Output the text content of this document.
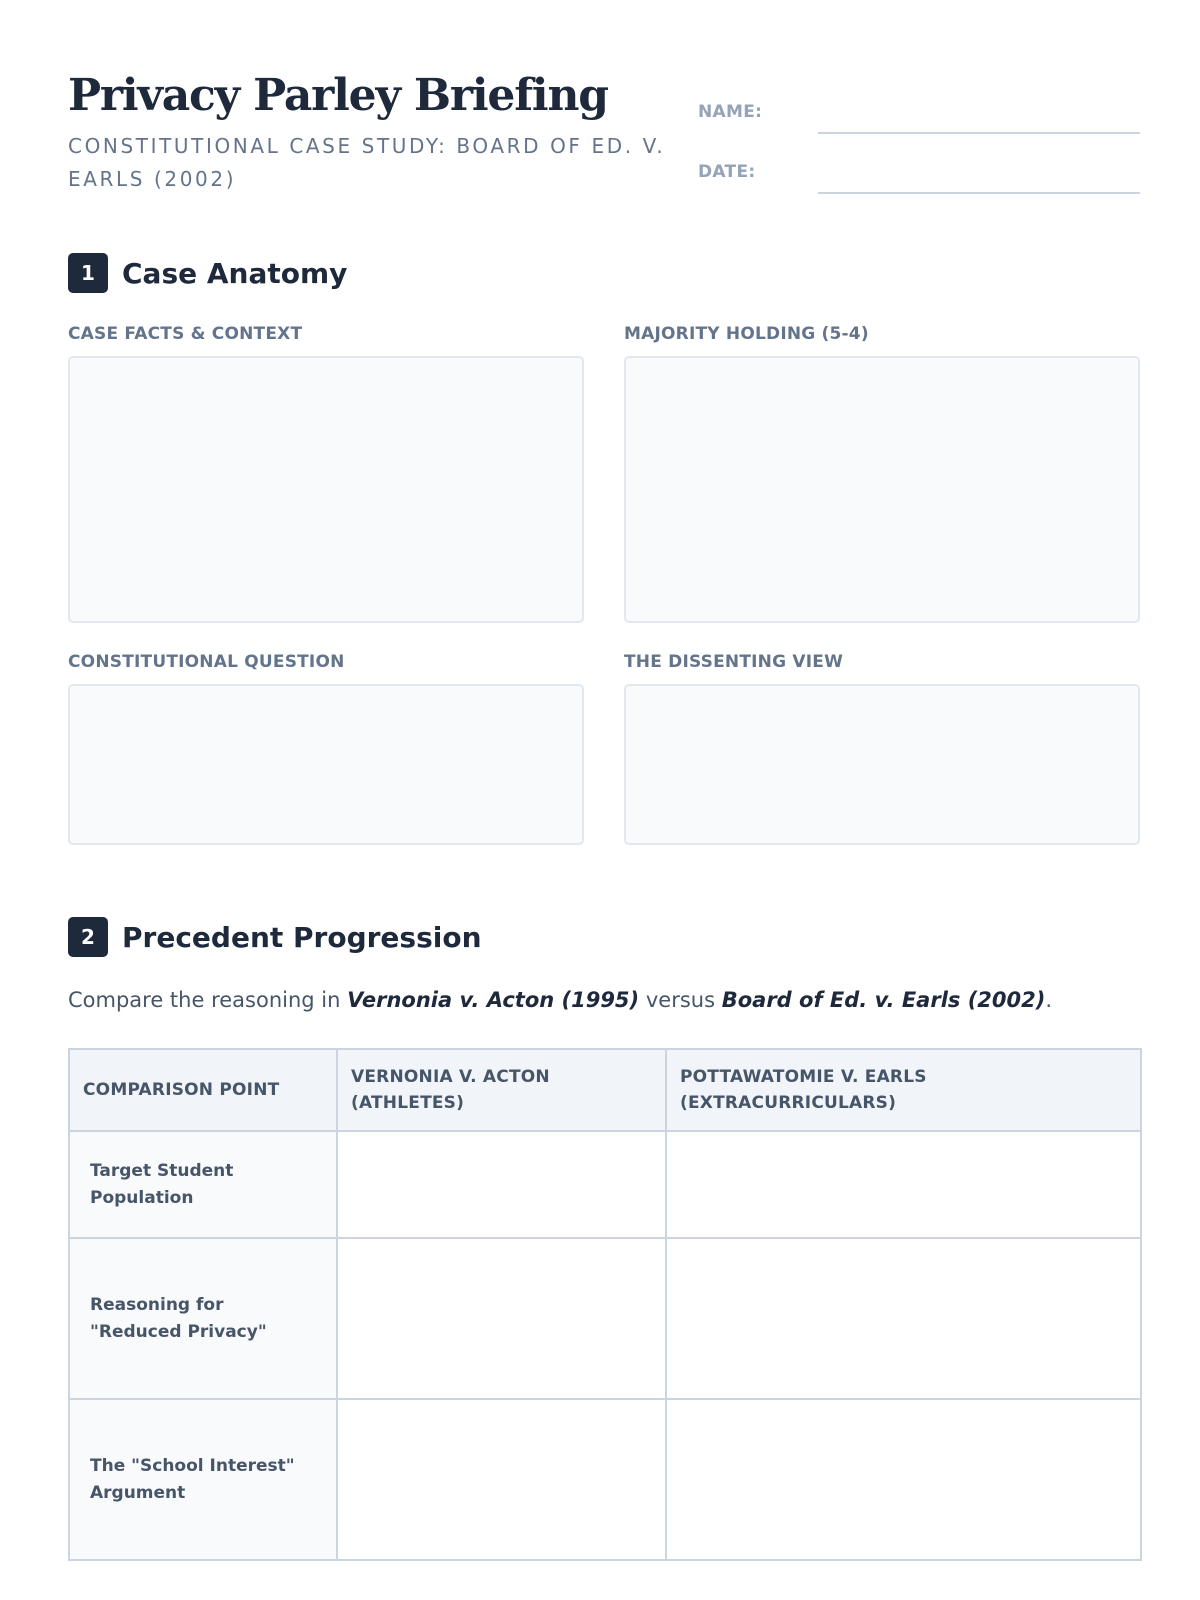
Privacy Parley Briefing
CONSTITUTIONAL CASE STUDY: BOARD OF ED. V. EARLS (2002)
NAME:
DATE:
1 Case Anatomy
CASE FACTS & CONTEXT	MAJORITY HOLDING (5-4)
CONSTITUTIONAL QUESTION	THE DISSENTING VIEW
2 Precedent Progression

Compare the reasoning in Vernonia v. Acton (1995) versus Board of Ed. v. Earls (2002).

COMPARISON POINT	VERNONIA V. ACTON (ATHLETES)	POTTAWATOMIE V. EARLS (EXTRACURRICULARS)
Target Student Population		
Reasoning for "Reduced Privacy"		
The "School Interest" Argument		
